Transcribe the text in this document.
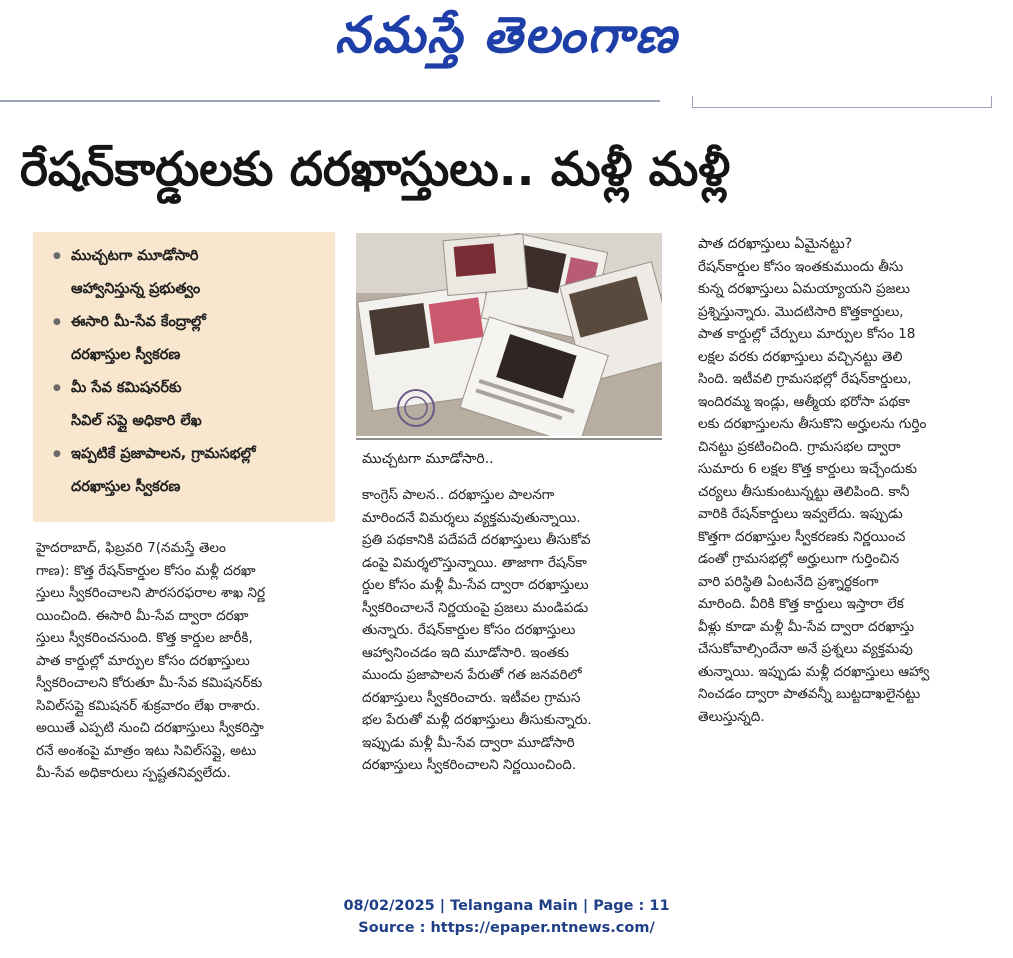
నమస్తే తెలంగాణ
రేషన్‌కార్డులకు దరఖాస్తులు.. మళ్లీ మళ్లీ
● ముచ్చటగా మూడోసారి
ఆహ్వానిస్తున్న ప్రభుత్వం
● ఈసారి మీ-సేవ కేంద్రాల్లో
దరఖాస్తుల స్వీకరణ
● మీ సేవ కమిషనర్‌కు
సివిల్ సప్లై అధికారి లేఖ
● ఇప్పటికే ప్రజాపాలన, గ్రామసభల్లో
దరఖాస్తుల స్వీకరణ
ముచ్చటగా మూడోసారి..

హైదరాబాద్, ఫిబ్రవరి 7(నమస్తే తెలం
గాణ): కొత్త రేషన్‌కార్డుల కోసం మళ్లీ దరఖా
స్తులు స్వీకరించాలని పౌరసరఫరాల శాఖ నిర్ణ
యించింది. ఈసారి మీ-సేవ ద్వారా దరఖా
స్తులు స్వీకరించనుంది. కొత్త కార్డుల జారీకి,
పాత కార్డుల్లో మార్పుల కోసం దరఖాస్తులు
స్వీకరించాలని కోరుతూ మీ-సేవ కమిషనర్‌కు
సివిల్‌సప్లై కమిషనర్ శుక్రవారం లేఖ రాశారు.
అయితే ఎప్పటి నుంచి దరఖాస్తులు స్వీకరిస్తా
రనే అంశంపై మాత్రం ఇటు సివిల్‌సప్లై, అటు
మీ-సేవ అధికారులు స్పష్టతనివ్వలేదు.

కాంగ్రెస్ పాలన.. దరఖాస్తుల పాలనగా
మారిందనే విమర్శలు వ్యక్తమవుతున్నాయి.
ప్రతి పథకానికి పదేపదే దరఖాస్తులు తీసుకోవ
డంపై విమర్శలొస్తున్నాయి. తాజాగా రేషన్‌కా
ర్డుల కోసం మళ్లీ మీ-సేవ ద్వారా దరఖాస్తులు
స్వీకరించాలనే నిర్ణయంపై ప్రజలు మండిపడు
తున్నారు. రేషన్‌కార్డుల కోసం దరఖాస్తులు
ఆహ్వానించడం ఇది మూడోసారి. ఇంతకు
ముందు ప్రజాపాలన పేరుతో గత జనవరిలో
దరఖాస్తులు స్వీకరించారు. ఇటీవల గ్రామస
భల పేరుతో మళ్లీ దరఖాస్తులు తీసుకున్నారు.
ఇప్పుడు మళ్లీ మీ-సేవ ద్వారా మూడోసారి
దరఖాస్తులు స్వీకరించాలని నిర్ణయించింది.

పాత దరఖాస్తులు ఏమైనట్టు?

రేషన్‌కార్డుల కోసం ఇంతకుముందు తీసు
కున్న దరఖాస్తులు ఏమయ్యాయని ప్రజలు
ప్రశ్నిస్తున్నారు. మొదటిసారి కొత్తకార్డులు,
పాత కార్డుల్లో చేర్పులు మార్పుల కోసం 18
లక్షల వరకు దరఖాస్తులు వచ్చినట్టు తెలి
సింది. ఇటీవలి గ్రామసభల్లో రేషన్‌కార్డులు,
ఇందిరమ్మ ఇండ్లు, ఆత్మీయ భరోసా పథకా
లకు దరఖాస్తులను తీసుకొని అర్హులను గుర్తిం
చినట్టు ప్రకటించింది. గ్రామసభల ద్వారా
సుమారు 6 లక్షల కొత్త కార్డులు ఇచ్చేందుకు
చర్యలు తీసుకుంటున్నట్టు తెలిపింది. కానీ
వారికి రేషన్‌కార్డులు ఇవ్వలేదు. ఇప్పుడు
కొత్తగా దరఖాస్తుల స్వీకరణకు నిర్ణయించ
డంతో గ్రామసభల్లో అర్హులుగా గుర్తించిన
వారి పరిస్థితి ఏంటనేది ప్రశ్నార్థకంగా
మారింది. వీరికి కొత్త కార్డులు ఇస్తారా లేక
వీళ్లు కూడా మళ్లీ మీ-సేవ ద్వారా దరఖాస్తు
చేసుకోవాల్సిందేనా అనే ప్రశ్నలు వ్యక్తమవు
తున్నాయి. ఇప్పుడు మళ్లీ దరఖాస్తులు ఆహ్వా
నించడం ద్వారా పాతవన్నీ బుట్టదాఖలైనట్టు
తెలుస్తున్నది.

08/02/2025 | Telangana Main | Page : 11
Source : https://epaper.ntnews.com/
